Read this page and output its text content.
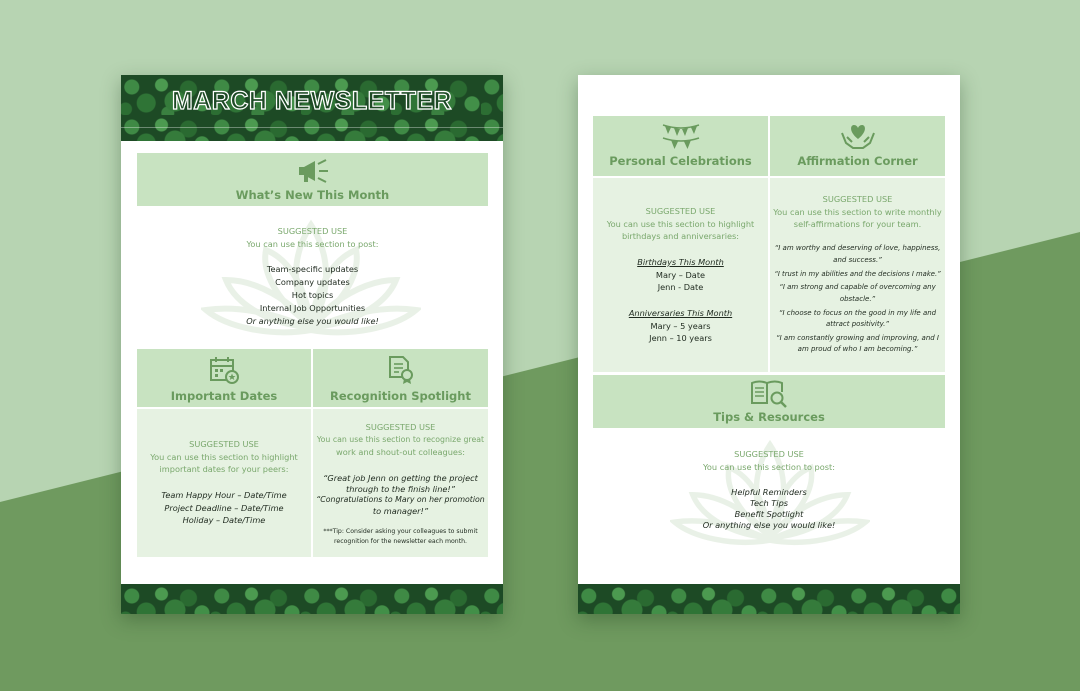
MARCH NEWSLETTER
What’s New This Month
SUGGESTED USE
You can use this section to post:
Team-specific updates
Company updates
Hot topics
Internal Job Opportunities
Or anything else you would like!
Important Dates
SUGGESTED USE
You can use this section to highlight
important dates for your peers:
Team Happy Hour – Date/Time
Project Deadline – Date/Time
Holiday – Date/Time
Recognition Spotlight
SUGGESTED USE
You can use this section to recognize great
work and shout-out colleagues:
“Great job Jenn on getting the project
through to the finish line!”
“Congratulations to Mary on her promotion
to manager!”
***Tip: Consider asking your colleagues to submit
recognition for the newsletter each month.
Personal Celebrations
SUGGESTED USE
You can use this section to highlight
birthdays and anniversaries:
Birthdays This Month
Mary – Date
Jenn - Date
Anniversaries This Month
Mary – 5 years
Jenn – 10 years
Affirmation Corner
SUGGESTED USE
You can use this section to write monthly
self-affirmations for your team.
“I am worthy and deserving of love, happiness,
and success.”
“I trust in my abilities and the decisions I make.”
“I am strong and capable of overcoming any
obstacle.”
“I choose to focus on the good in my life and
attract positivity.”
“I am constantly growing and improving, and I
am proud of who I am becoming.”
Tips & Resources
SUGGESTED USE
You can use this section to post:
Helpful Reminders
Tech Tips
Benefit Spotlight
Or anything else you would like!
